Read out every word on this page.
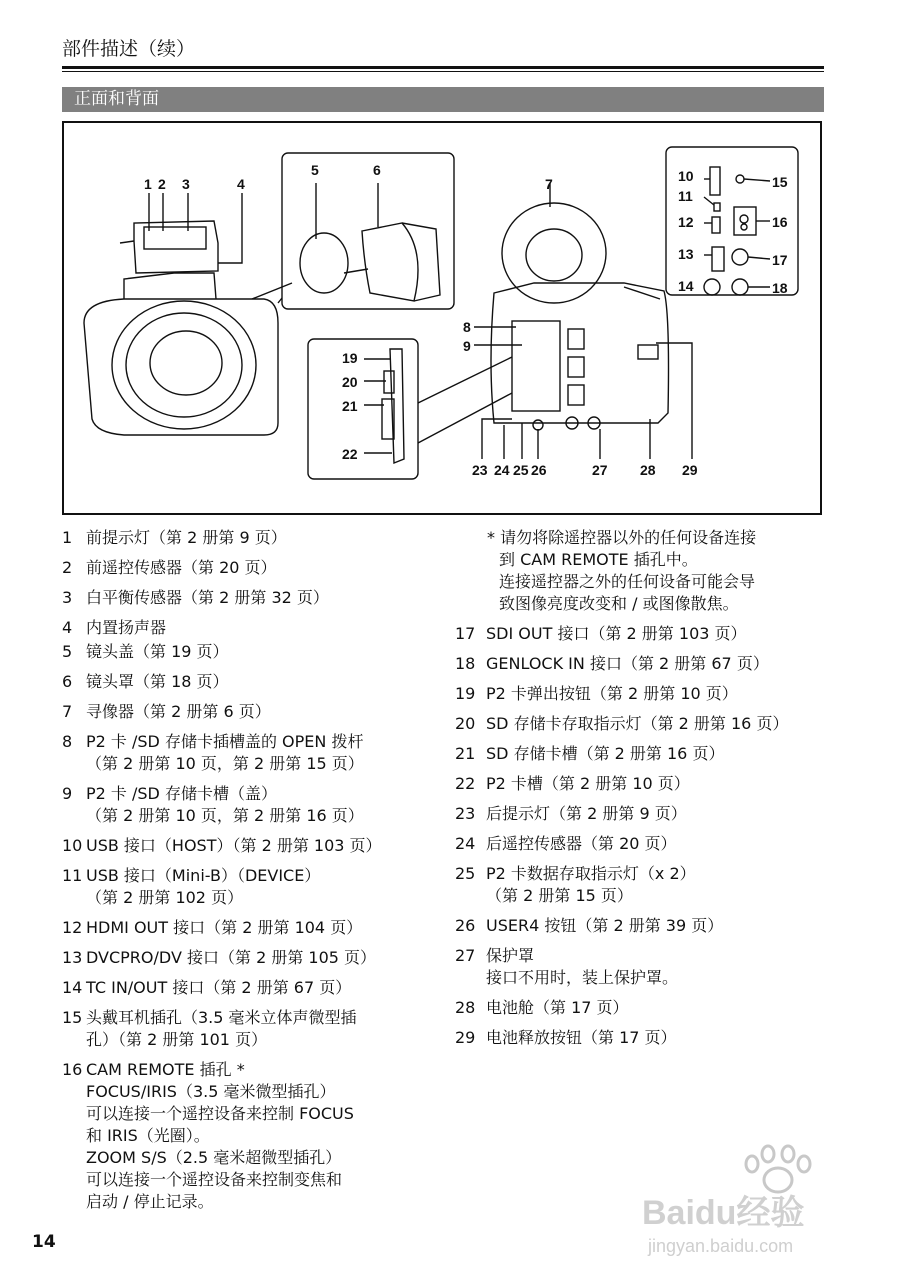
部件描述（续）
正面和背面
1 2 3	4
5	6
7
8
9
10
11
12
13
14
15
16
17
18
19
20
21
22
23 24 25 26	27 28 29
1 前提示灯（第 2 册第 9 页）
2 前遥控传感器（第 20 页）
3 白平衡传感器（第 2 册第 32 页）
4 内置扬声器
5 镜头盖（第 19 页）
6 镜头罩（第 18 页）
7 寻像器（第 2 册第 6 页）
8 P2 卡 /SD 存储卡插槽盖的 OPEN 拨杆
（第 2 册第 10 页，第 2 册第 15 页）
9 P2 卡 /SD 存储卡槽（盖）
（第 2 册第 10 页，第 2 册第 16 页）
10 USB 接口（HOST）（第 2 册第 103 页）
11 USB 接口（Mini-B）（DEVICE）
（第 2 册第 102 页）
12 HDMI OUT 接口（第 2 册第 104 页）
13 DVCPRO/DV 接口（第 2 册第 105 页）
14 TC IN/OUT 接口（第 2 册第 67 页）
15 头戴耳机插孔（3.5 毫米立体声微型插
孔）（第 2 册第 101 页）
16 CAM REMOTE 插孔 *
FOCUS/IRIS（3.5 毫米微型插孔）
可以连接一个遥控设备来控制 FOCUS
和 IRIS（光圈）。
ZOOM S/S（2.5 毫米超微型插孔）
可以连接一个遥控设备来控制变焦和
启动 / 停止记录。
* 请勿将除遥控器以外的任何设备连接
到 CAM REMOTE 插孔中。
连接遥控器之外的任何设备可能会导
致图像亮度改变和 / 或图像散焦。
17 SDI OUT 接口（第 2 册第 103 页）
18 GENLOCK IN 接口（第 2 册第 67 页）
19 P2 卡弹出按钮（第 2 册第 10 页）
20 SD 存储卡存取指示灯（第 2 册第 16 页）
21 SD 存储卡槽（第 2 册第 16 页）
22 P2 卡槽（第 2 册第 10 页）
23 后提示灯（第 2 册第 9 页）
24 后遥控传感器（第 20 页）
25 P2 卡数据存取指示灯（x 2）
（第 2 册第 15 页）
26 USER4 按钮（第 2 册第 39 页）
27 保护罩
接口不用时，装上保护罩。
28 电池舱（第 17 页）
29 电池释放按钮（第 17 页）
14
Baidu经验
jingyan.baidu.com
